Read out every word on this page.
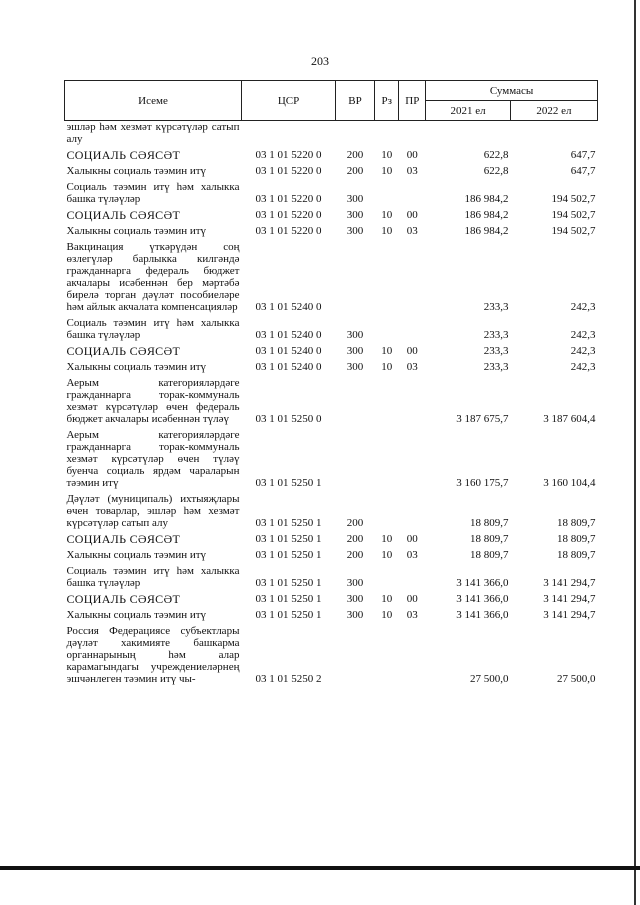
203
Исеме	ЦСР	ВР	Рз	ПР	Суммасы	
					2021 ел	2022 ел
эшләр һәм хезмәт күрсәтүләр сатып алу						
СОЦИАЛЬ СӘЯСӘТ	03 1 01 5220 0	200	10	00	622,8	647,7
Халыкны социаль тәэмин итү	03 1 01 5220 0	200	10	03	622,8	647,7
Социаль тәэмин итү һәм халыкка башка түләүләр	03 1 01 5220 0	300			186 984,2	194 502,7
СОЦИАЛЬ СӘЯСӘТ	03 1 01 5220 0	300	10	00	186 984,2	194 502,7
Халыкны социаль тәэмин итү	03 1 01 5220 0	300	10	03	186 984,2	194 502,7
Вакцинация үткәрүдән соң өзлегүләр барлыкка килгәндә гражданнарга федераль бюджет акчалары исәбеннән бер мәртәбә бирелә торган дәүләт пособиеләре һәм айлык акчалата компенсацияләр	03 1 01 5240 0				233,3	242,3
Социаль тәэмин итү һәм халыкка башка түләүләр	03 1 01 5240 0	300			233,3	242,3
СОЦИАЛЬ СӘЯСӘТ	03 1 01 5240 0	300	10	00	233,3	242,3
Халыкны социаль тәэмин итү	03 1 01 5240 0	300	10	03	233,3	242,3
Аерым категорияләрдәге гражданнарга торак-коммуналь хезмәт күрсәтүләр өчен федераль бюджет акчалары исәбеннән түләү	03 1 01 5250 0				3 187 675,7	3 187 604,4
Аерым категорияләрдәге гражданнарга торак-коммуналь хезмәт күрсәтүләр өчен түләү буенча социаль ярдәм чараларын тәэмин итү	03 1 01 5250 1				3 160 175,7	3 160 104,4
Дәүләт (муниципаль) ихтыяҗлары өчен товарлар, эшләр һәм хезмәт күрсәтүләр сатып алу	03 1 01 5250 1	200			18 809,7	18 809,7
СОЦИАЛЬ СӘЯСӘТ	03 1 01 5250 1	200	10	00	18 809,7	18 809,7
Халыкны социаль тәэмин итү	03 1 01 5250 1	200	10	03	18 809,7	18 809,7
Социаль тәэмин итү һәм халыкка башка түләүләр	03 1 01 5250 1	300			3 141 366,0	3 141 294,7
СОЦИАЛЬ СӘЯСӘТ	03 1 01 5250 1	300	10	00	3 141 366,0	3 141 294,7
Халыкны социаль тәэмин итү	03 1 01 5250 1	300	10	03	3 141 366,0	3 141 294,7
Россия Федерациясе субъектлары дәүләт хакимияте башкарма органнарының һәм алар карамагындагы учреждениеләрнең эшчәнлеген тәэмин итү чы-	03 1 01 5250 2				27 500,0	27 500,0
